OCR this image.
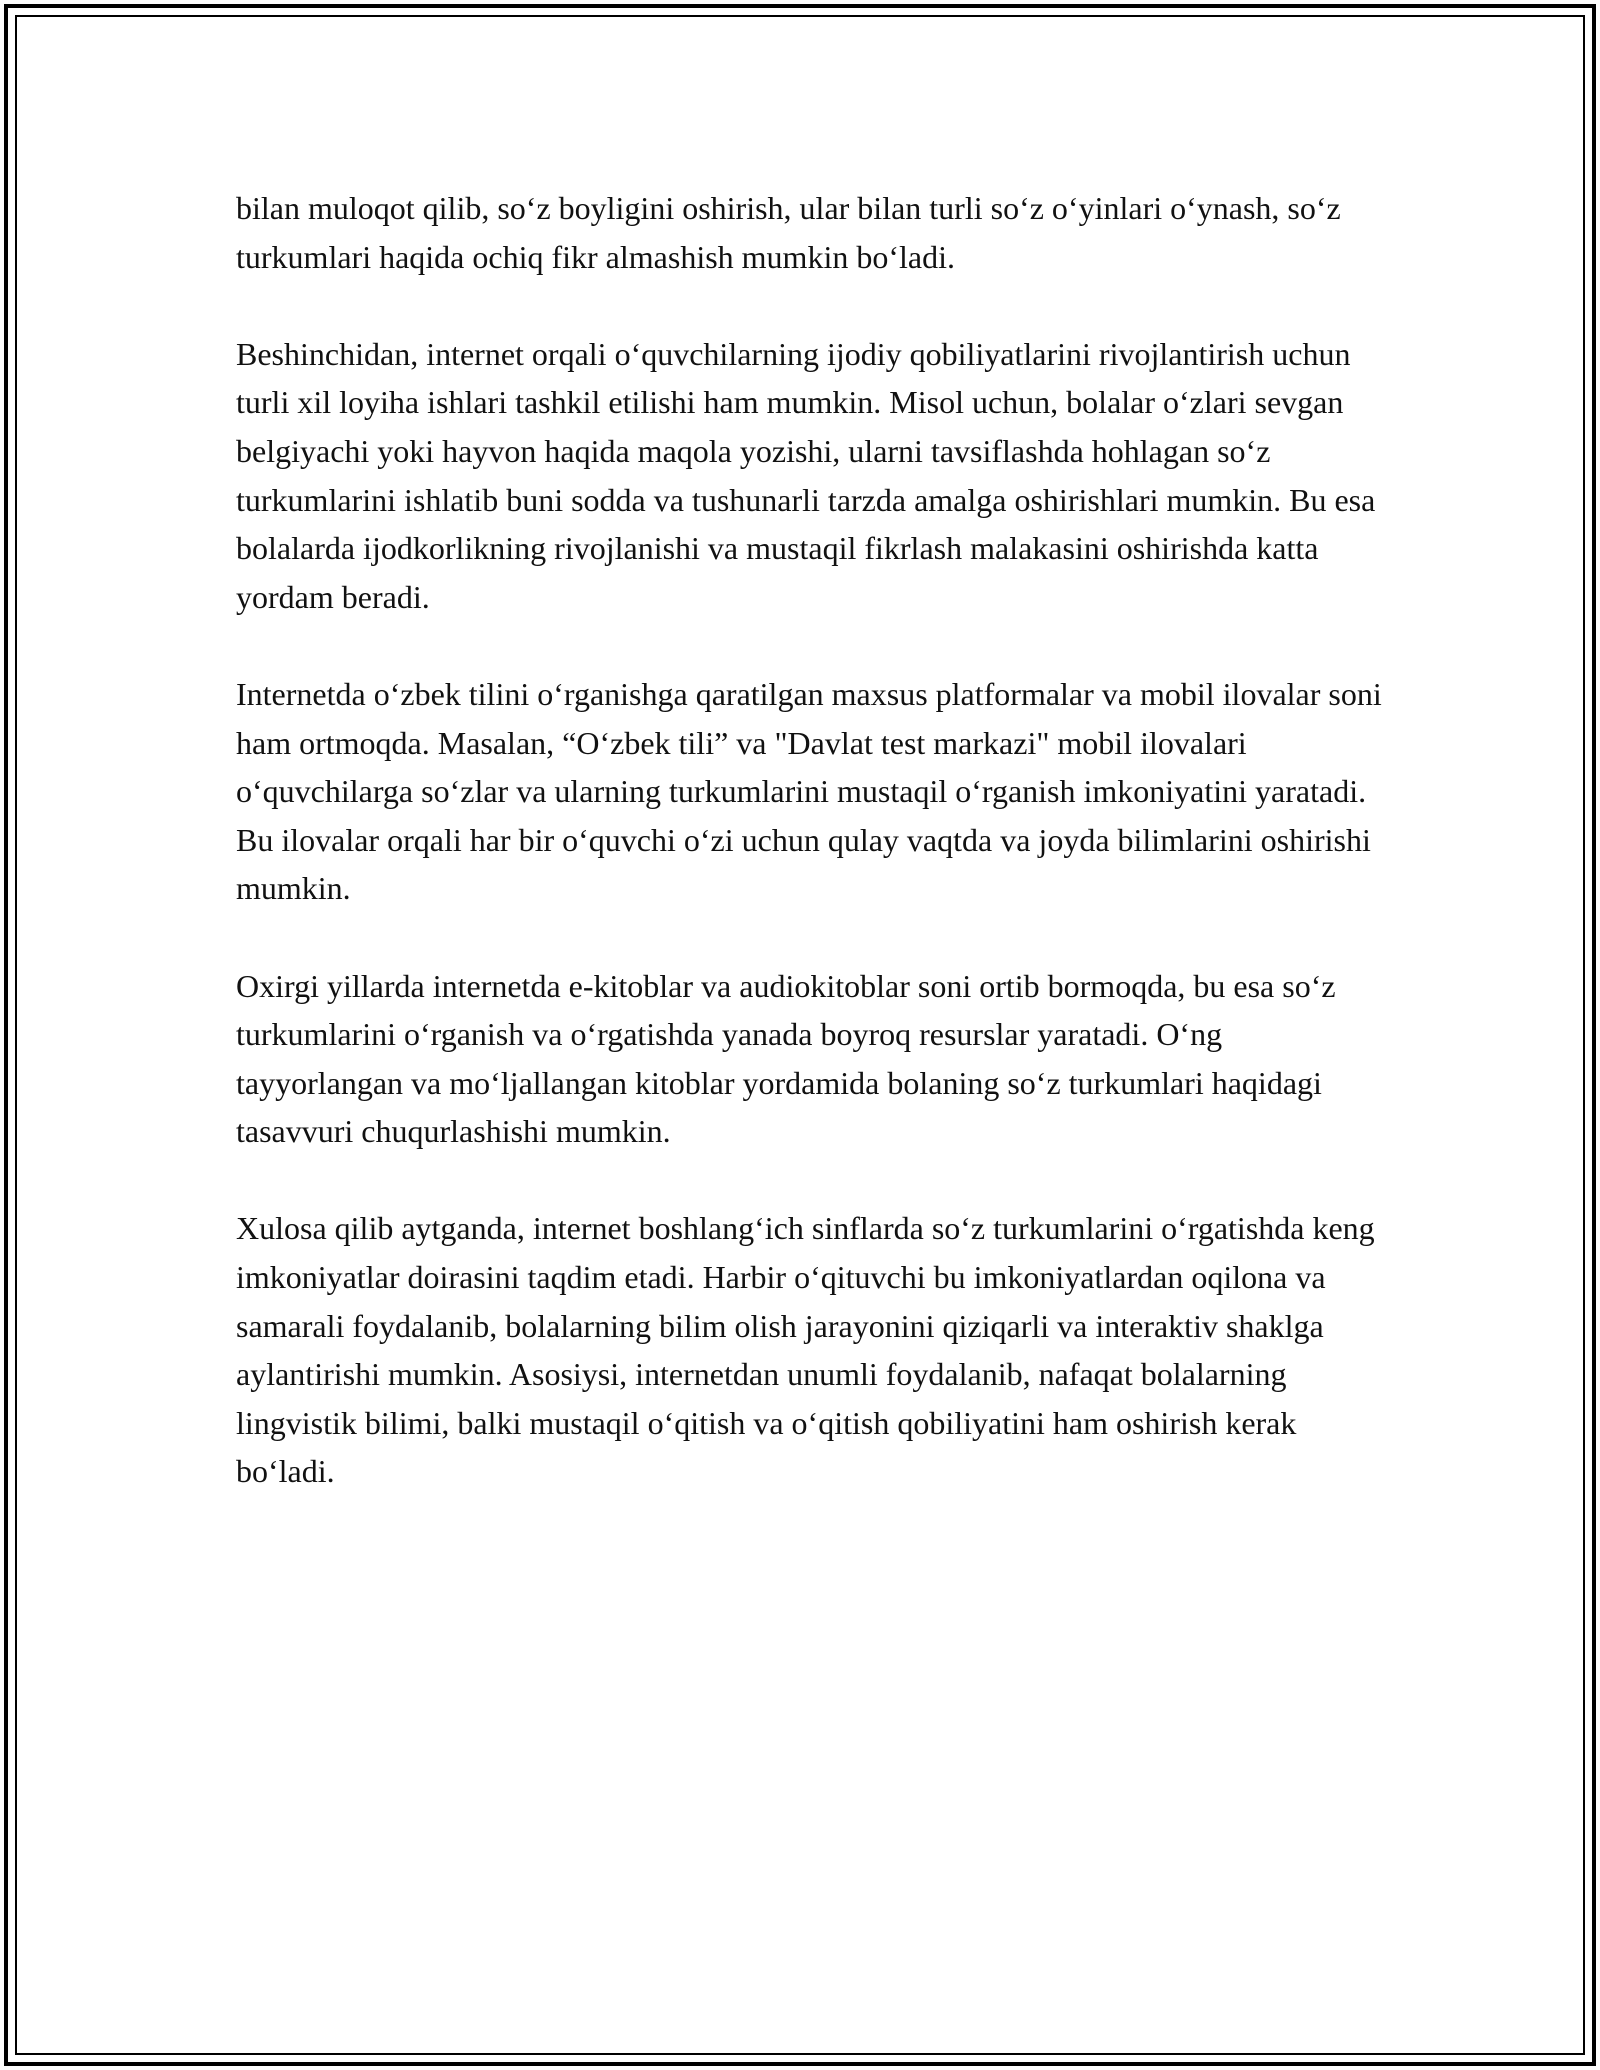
bilan muloqot qilib, so‘z boyligini oshirish, ular bilan turli so‘z o‘yinlari o‘ynash, so‘z turkumlari haqida ochiq fikr almashish mumkin bo‘ladi.

Beshinchidan, internet orqali o‘quvchilarning ijodiy qobiliyatlarini rivojlantirish uchun turli xil loyiha ishlari tashkil etilishi ham mumkin. Misol uchun, bolalar o‘zlari sevgan belgiyachi yoki hayvon haqida maqola yozishi, ularni tavsiflashda hohlagan so‘z turkumlarini ishlatib buni sodda va tushunarli tarzda amalga oshirishlari mumkin. Bu esa bolalarda ijodkorlikning rivojlanishi va mustaqil fikrlash malakasini oshirishda katta yordam beradi.

Internetda o‘zbek tilini o‘rganishga qaratilgan maxsus platformalar va mobil ilovalar soni ham ortmoqda. Masalan, “O‘zbek tili” va "Davlat test markazi" mobil ilovalari o‘quvchilarga so‘zlar va ularning turkumlarini mustaqil o‘rganish imkoniyatini yaratadi. Bu ilovalar orqali har bir o‘quvchi o‘zi uchun qulay vaqtda va joyda bilimlarini oshirishi mumkin.

Oxirgi yillarda internetda e-kitoblar va audiokitoblar soni ortib bormoqda, bu esa so‘z turkumlarini o‘rganish va o‘rgatishda yanada boyroq resurslar yaratadi. O‘ng tayyorlangan va mo‘ljallangan kitoblar yordamida bolaning so‘z turkumlari haqidagi tasavvuri chuqurlashishi mumkin.

Xulosa qilib aytganda, internet boshlang‘ich sinflarda so‘z turkumlarini o‘rgatishda keng imkoniyatlar doirasini taqdim etadi. Harbir o‘qituvchi bu imkoniyatlardan oqilona va samarali foydalanib, bolalarning bilim olish jarayonini qiziqarli va interaktiv shaklga aylantirishi mumkin. Asosiysi, internetdan unumli foydalanib, nafaqat bolalarning lingvistik bilimi, balki mustaqil o‘qitish va o‘qitish qobiliyatini ham oshirish kerak bo‘ladi.
